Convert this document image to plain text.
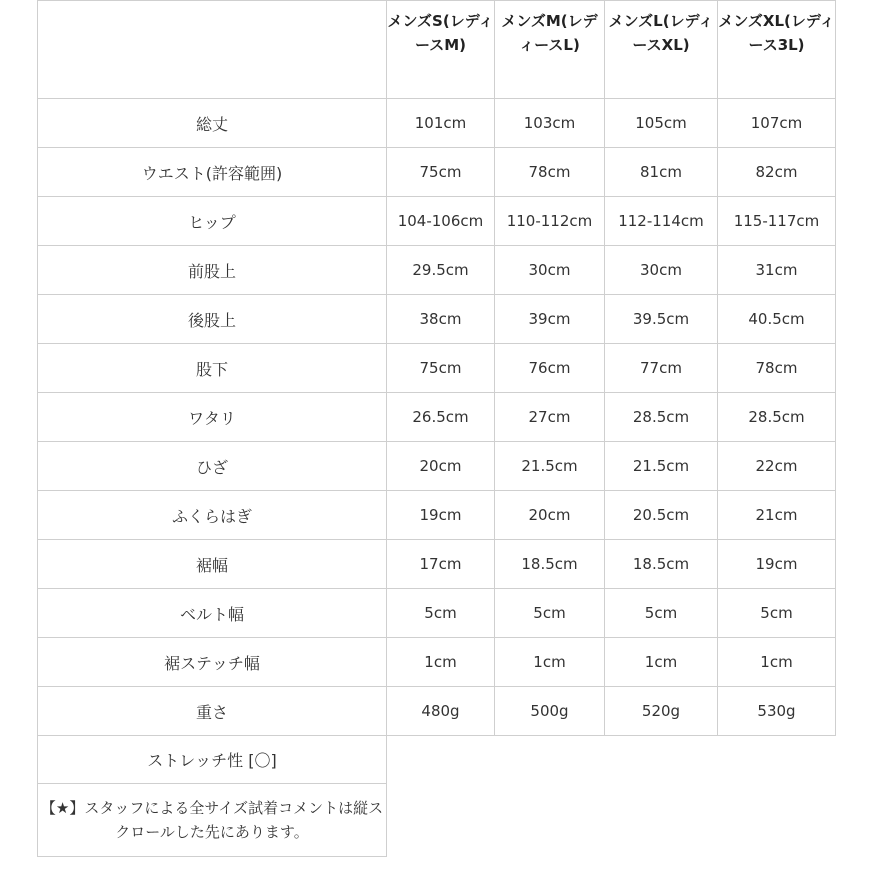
	メンズS(レディースM)	メンズM(レディースL)	メンズL(レディースXL)	メンズXL(レディース3L)

総丈	101cm	103cm	105cm	107cm
ウエスト(許容範囲)	75cm	78cm	81cm	82cm
ヒップ	104-106cm	110-112cm	112-114cm	115-117cm
前股上	29.5cm	30cm	30cm	31cm
後股上	38cm	39cm	39.5cm	40.5cm
股下	75cm	76cm	77cm	78cm
ワタリ	26.5cm	27cm	28.5cm	28.5cm
ひざ	20cm	21.5cm	21.5cm	22cm
ふくらはぎ	19cm	20cm	20.5cm	21cm
裾幅	17cm	18.5cm	18.5cm	19cm
ベルト幅	5cm	5cm	5cm	5cm
裾ステッチ幅	1cm	1cm	1cm	1cm
重さ	480g	500g	520g	530g
ストレッチ性 [〇]				
【★】スタッフによる全サイズ試着コメントは縦スクロールした先にあります。				
